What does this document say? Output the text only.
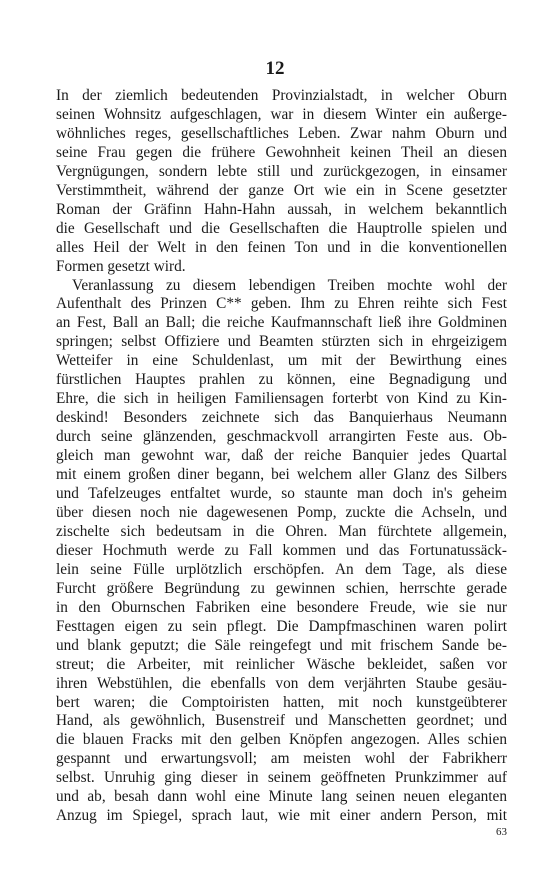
12
In der ziemlich bedeutenden Provinzialstadt, in welcher Oburn
seinen Wohnsitz aufgeschlagen, war in diesem Winter ein außerge-
wöhnliches reges, gesellschaftliches Leben. Zwar nahm Oburn und
seine Frau gegen die frühere Gewohnheit keinen Theil an diesen
Vergnügungen, sondern lebte still und zurückgezogen, in einsamer
Verstimmtheit, während der ganze Ort wie ein in Scene gesetzter
Roman der Gräfinn Hahn-Hahn aussah, in welchem bekanntlich
die Gesellschaft und die Gesellschaften die Hauptrolle spielen und
alles Heil der Welt in den feinen Ton und in die konventionellen
Formen gesetzt wird.
Veranlassung zu diesem lebendigen Treiben mochte wohl der
Aufenthalt des Prinzen C** geben. Ihm zu Ehren reihte sich Fest
an Fest, Ball an Ball; die reiche Kaufmannschaft ließ ihre Goldminen
springen; selbst Offiziere und Beamten stürzten sich in ehrgeizigem
Wetteifer in eine Schuldenlast, um mit der Bewirthung eines
fürstlichen Hauptes prahlen zu können, eine Begnadigung und
Ehre, die sich in heiligen Familiensagen forterbt von Kind zu Kin-
deskind! Besonders zeichnete sich das Banquierhaus Neumann
durch seine glänzenden, geschmackvoll arrangirten Feste aus. Ob-
gleich man gewohnt war, daß der reiche Banquier jedes Quartal
mit einem großen diner begann, bei welchem aller Glanz des Silbers
und Tafelzeuges entfaltet wurde, so staunte man doch in's geheim
über diesen noch nie dagewesenen Pomp, zuckte die Achseln, und
zischelte sich bedeutsam in die Ohren. Man fürchtete allgemein,
dieser Hochmuth werde zu Fall kommen und das Fortunatussäck-
lein seine Fülle urplötzlich erschöpfen. An dem Tage, als diese
Furcht größere Begründung zu gewinnen schien, herrschte gerade
in den Oburnschen Fabriken eine besondere Freude, wie sie nur
Festtagen eigen zu sein pflegt. Die Dampfmaschinen waren polirt
und blank geputzt; die Säle reingefegt und mit frischem Sande be-
streut; die Arbeiter, mit reinlicher Wäsche bekleidet, saßen vor
ihren Webstühlen, die ebenfalls von dem verjährten Staube gesäu-
bert waren; die Comptoiristen hatten, mit noch kunstgeübterer
Hand, als gewöhnlich, Busenstreif und Manschetten geordnet; und
die blauen Fracks mit den gelben Knöpfen angezogen. Alles schien
gespannt und erwartungsvoll; am meisten wohl der Fabrikherr
selbst. Unruhig ging dieser in seinem geöffneten Prunkzimmer auf
und ab, besah dann wohl eine Minute lang seinen neuen eleganten
Anzug im Spiegel, sprach laut, wie mit einer andern Person, mit
63
